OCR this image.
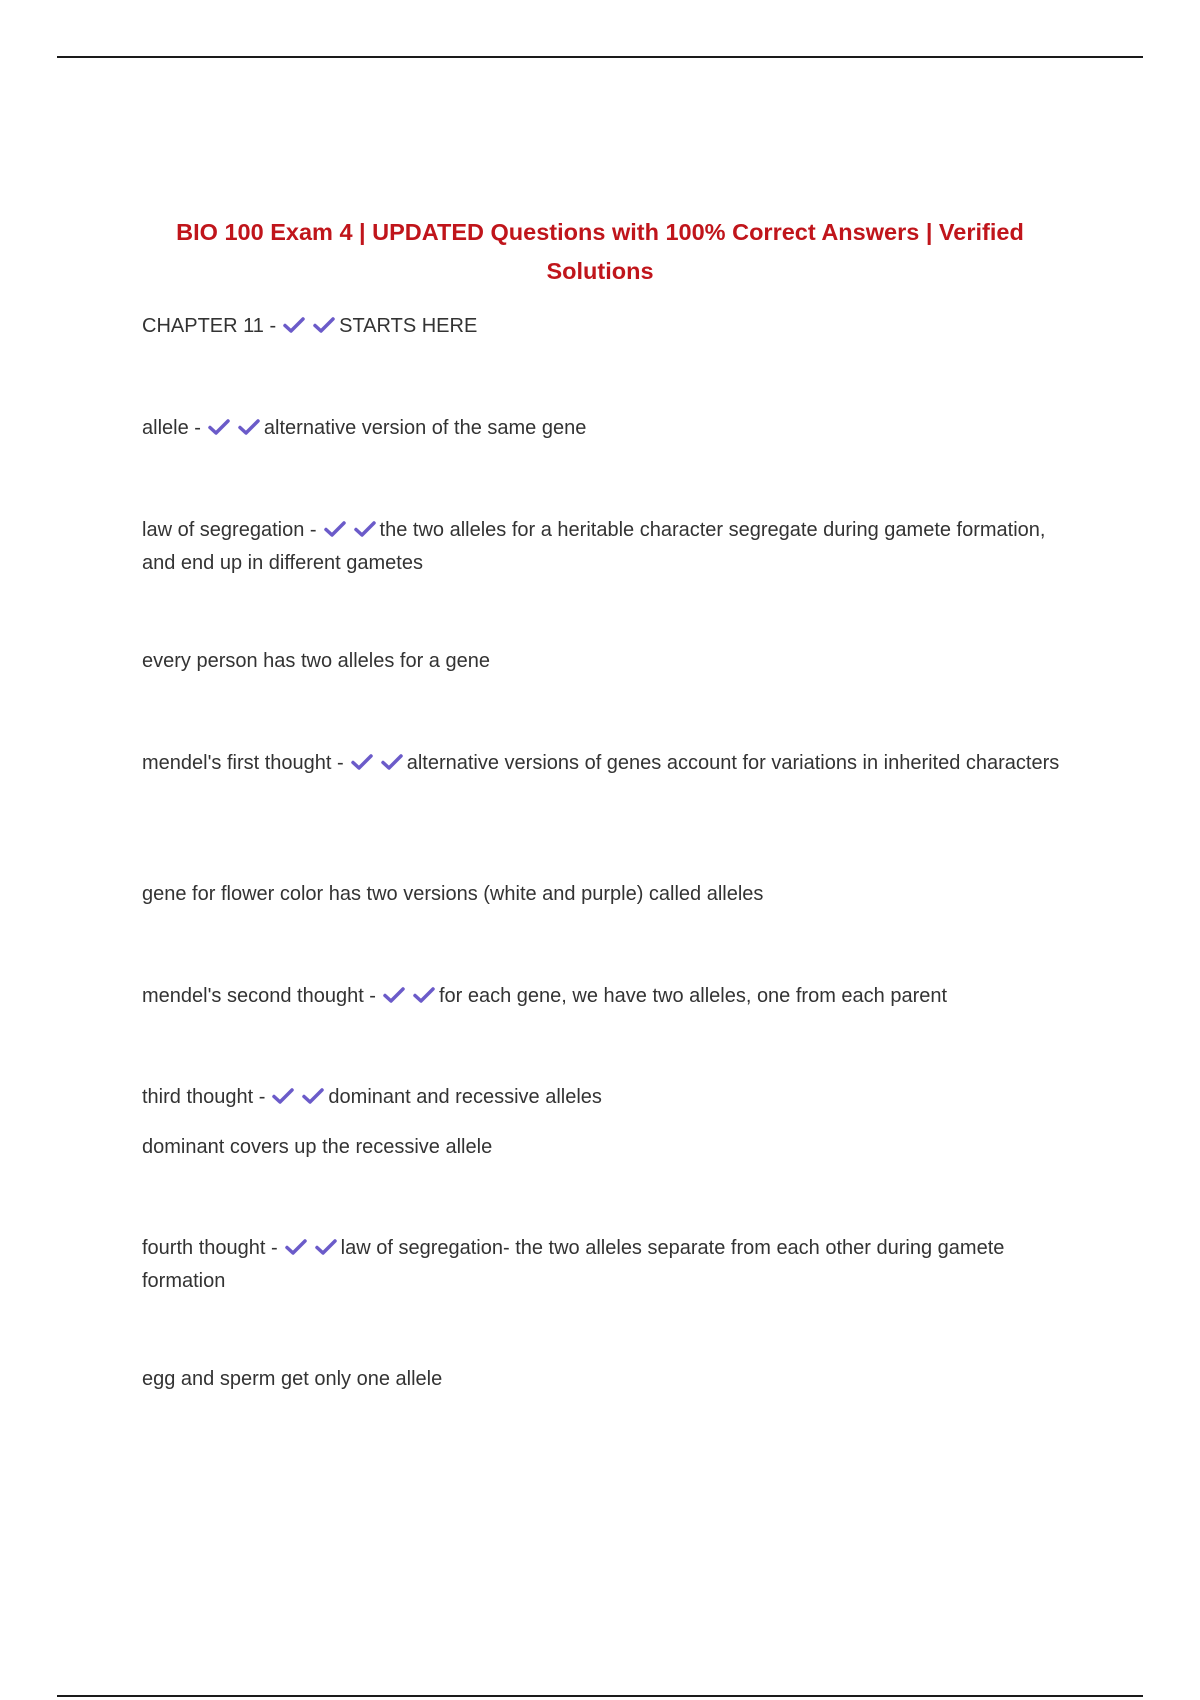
BIO 100 Exam 4 | UPDATED Questions with 100% Correct Answers | Verified Solutions
CHAPTER 11 -	STARTS HERE
allele -	alternative version of the same gene
law of segregation -	the two alleles for a heritable character segregate during gamete formation, and end up in different gametes
every person has two alleles for a gene
mendel's first thought -	alternative versions of genes account for variations in inherited characters
gene for flower color has two versions (white and purple) called alleles
mendel's second thought -	for each gene, we have two alleles, one from each parent
third thought -	dominant and recessive alleles
dominant covers up the recessive allele
fourth thought -	law of segregation- the two alleles separate from each other during gamete formation
egg and sperm get only one allele
